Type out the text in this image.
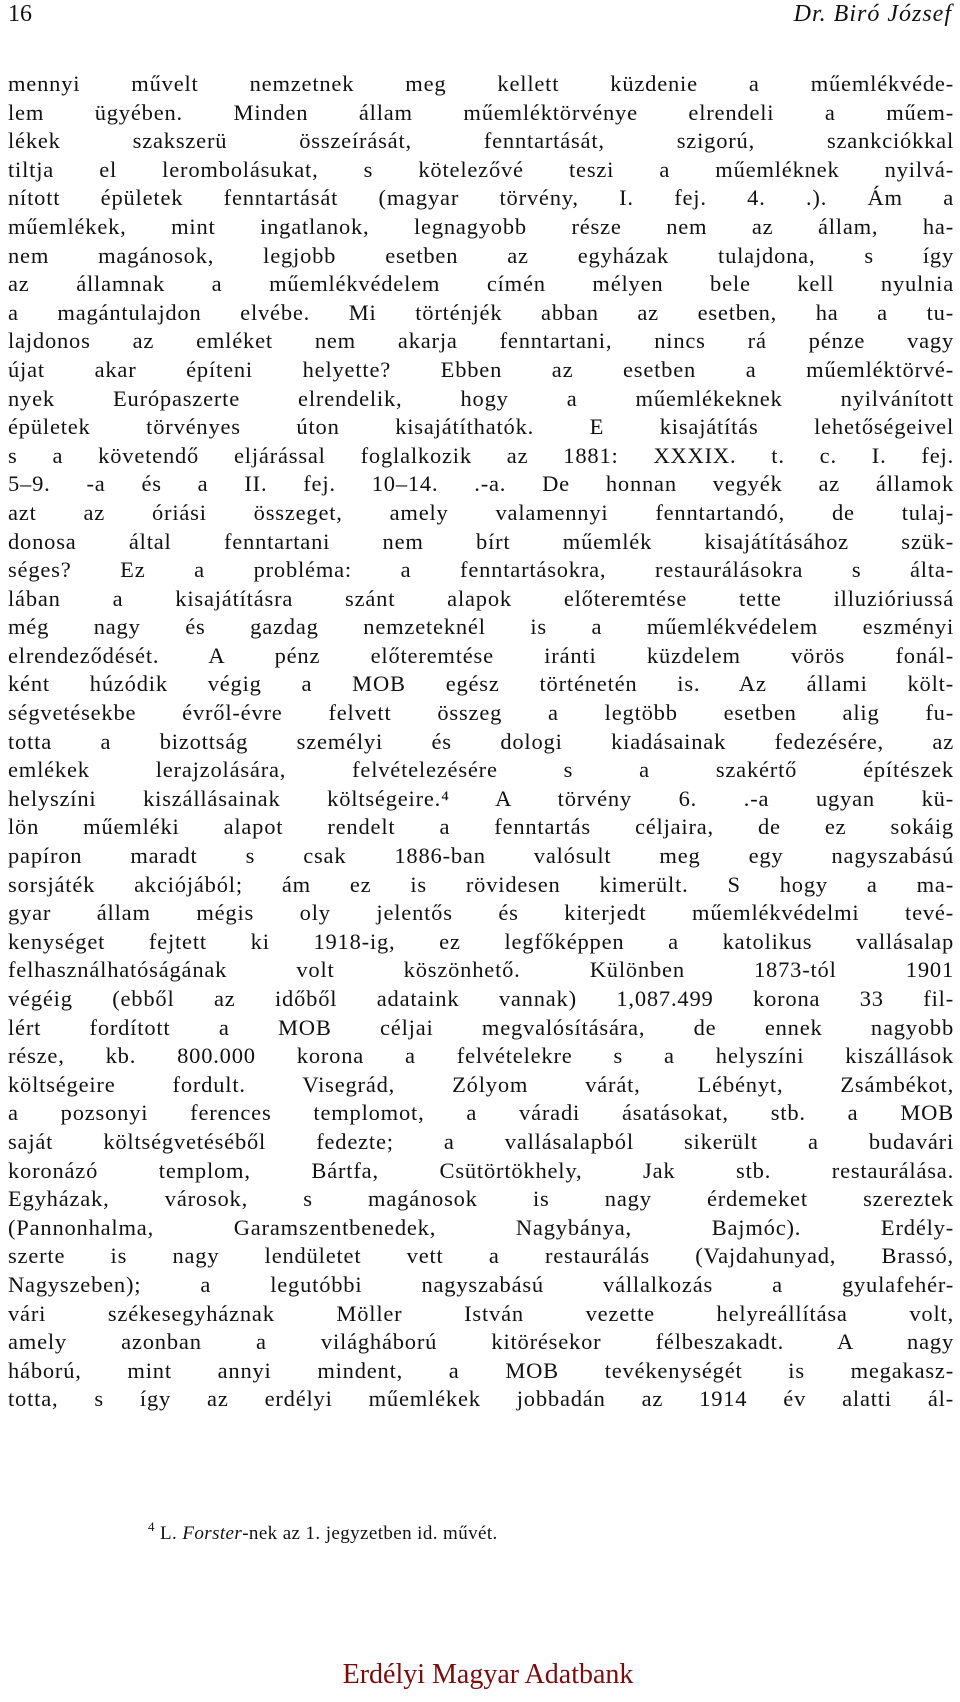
16	Dr. Biró József
mennyi művelt nemzetnek meg kellett küzdenie a műemlékvéde-
lem ügyében. Minden állam műemléktörvénye elrendeli a műem-
lékek szakszerü összeírását, fenntartását, szigorú, szankciókkal
tiltja el lerombolásukat, s kötelezővé teszi a műemléknek nyilvá-
nított épületek fenntartását (magyar törvény, I. fej. 4. .). Ám a
műemlékek, mint ingatlanok, legnagyobb része nem az állam, ha-
nem magánosok, legjobb esetben az egyházak tulajdona, s így
az államnak a műemlékvédelem címén mélyen bele kell nyulnia
a magántulajdon elvébe. Mi történjék abban az esetben, ha a tu-
lajdonos az emléket nem akarja fenntartani, nincs rá pénze vagy
újat akar építeni helyette? Ebben az esetben a műemléktörvé-
nyek Európaszerte elrendelik, hogy a műemlékeknek nyilvánított
épületek törvényes úton kisajátíthatók. E kisajátítás lehetőségeivel
s a követendő eljárással foglalkozik az 1881: XXXIX. t. c. I. fej.
5–9. -a és a II. fej. 10–14. .-a. De honnan vegyék az államok
azt az óriási összeget, amely valamennyi fenntartandó, de tulaj-
donosa által fenntartani nem bírt műemlék kisajátításához szük-
séges? Ez a probléma: a fenntartásokra, restaurálásokra s álta-
lában a kisajátításra szánt alapok előteremtése tette illuzióriussá
még nagy és gazdag nemzeteknél is a műemlékvédelem eszményi
elrendeződését. A pénz előteremtése iránti küzdelem vörös fonál-
ként húzódik végig a MOB egész történetén is. Az állami költ-
ségvetésekbe évről-évre felvett összeg a legtöbb esetben alig fu-
totta a bizottság személyi és dologi kiadásainak fedezésére, az
emlékek lerajzolására, felvételezésére s a szakértő építészek
helyszíni kiszállásainak költségeire.⁴ A törvény 6. .-a ugyan kü-
lön műemléki alapot rendelt a fenntartás céljaira, de ez sokáig
papíron maradt s csak 1886-ban valósult meg egy nagyszabású
sorsjáték akciójából; ám ez is rövidesen kimerült. S hogy a ma-
gyar állam mégis oly jelentős és kiterjedt műemlékvédelmi tevé-
kenységet fejtett ki 1918-ig, ez legfőképpen a katolikus vallásalap
felhasználhatóságának volt köszönhető. Különben 1873-tól 1901
végéig (ebből az időből adataink vannak) 1,087.499 korona 33 fil-
lért fordított a MOB céljai megvalósítására, de ennek nagyobb
része, kb. 800.000 korona a felvételekre s a helyszíni kiszállások
költségeire fordult. Visegrád, Zólyom várát, Lébényt, Zsámbékot,
a pozsonyi ferences templomot, a váradi ásatásokat, stb. a MOB
saját költségvetéséből fedezte; a vallásalapból sikerült a budavári
koronázó templom, Bártfa, Csütörtökhely, Jak stb. restaurálása.
Egyházak, városok, s magánosok is nagy érdemeket szereztek
(Pannonhalma, Garamszentbenedek, Nagybánya, Bajmóc). Erdély-
szerte is nagy lendületet vett a restaurálás (Vajdahunyad, Brassó,
Nagyszeben); a legutóbbi nagyszabású vállalkozás a gyulafehér-
vári székesegyháznak Möller István vezette helyreállítása volt,
amely azonban a világháború kitörésekor félbeszakadt. A nagy
háború, mint annyi mindent, a MOB tevékenységét is megakasz-
totta, s így az erdélyi műemlékek jobbadán az 1914 év alatti ál-
$^4$ L. Forster-nek az 1. jegyzetben id. művét.
Erdélyi Magyar Adatbank
